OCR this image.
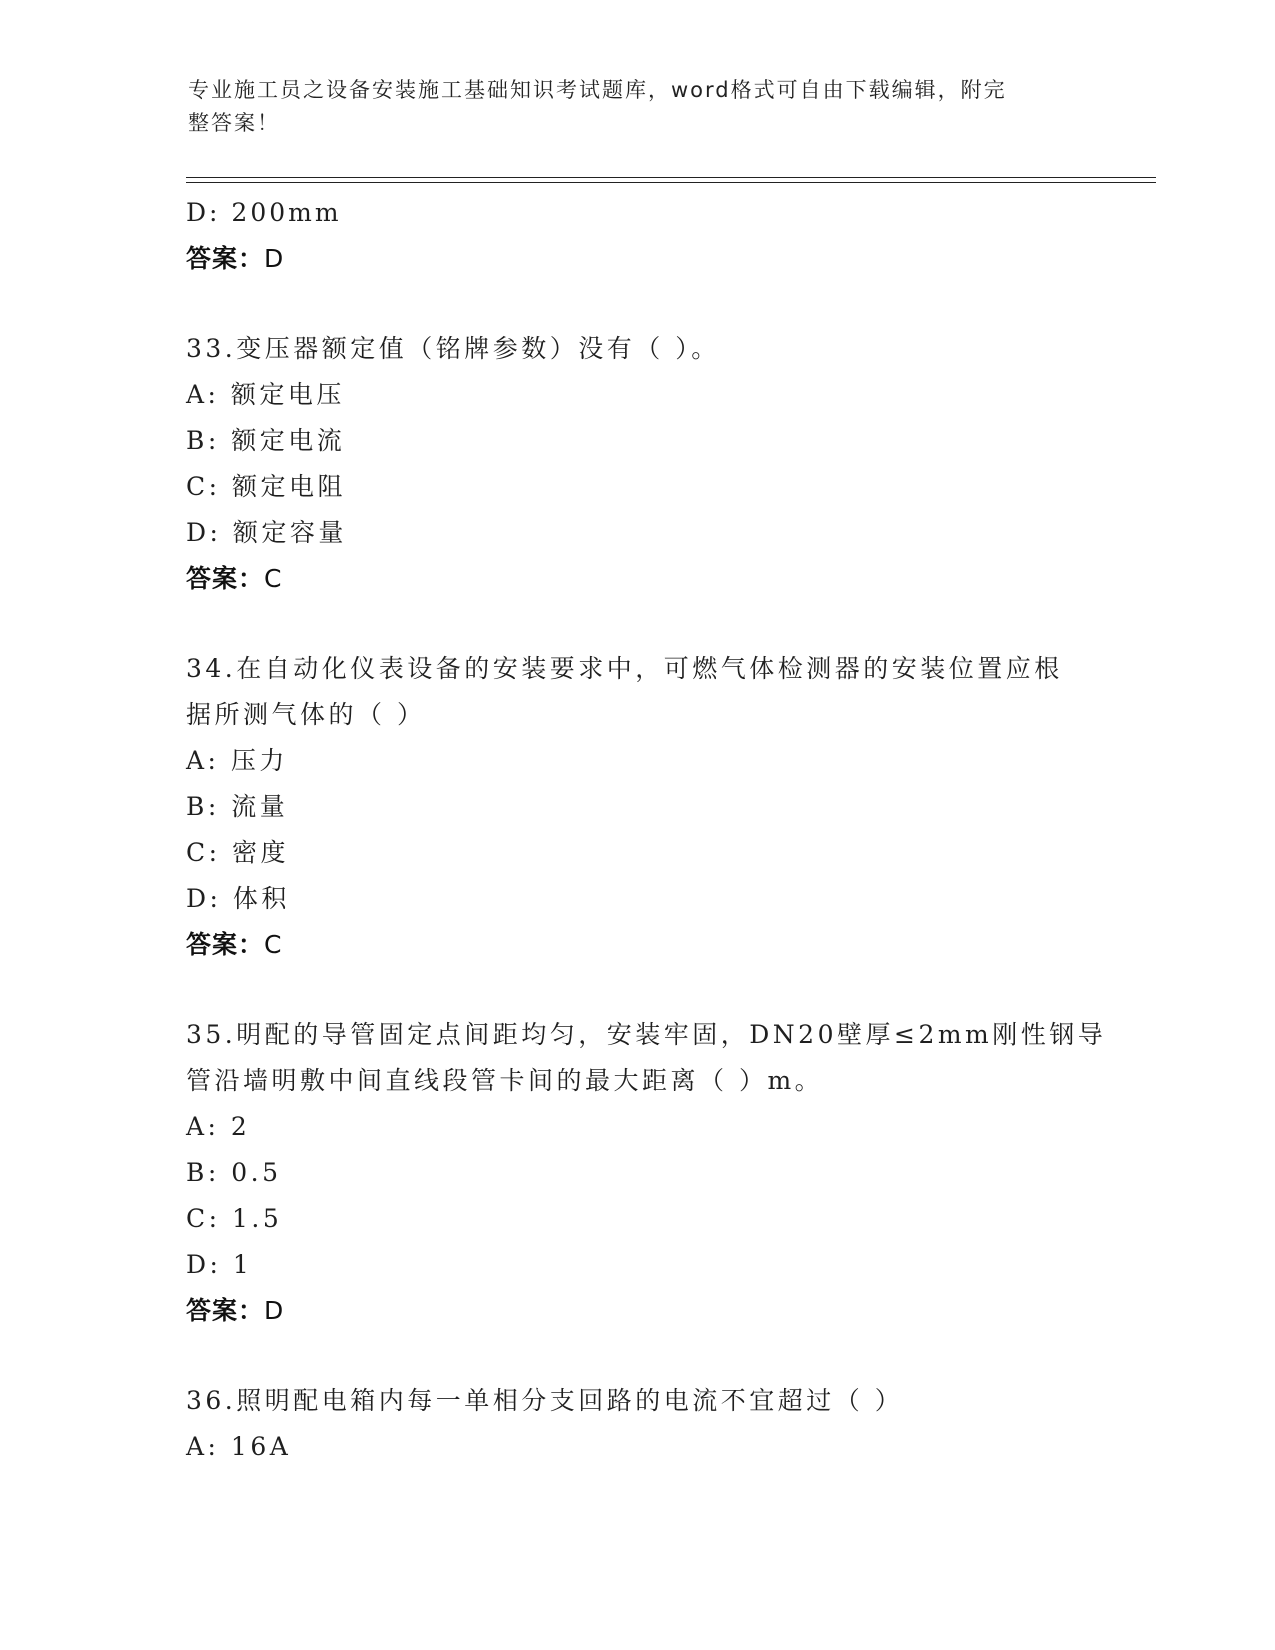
专业施工员之设备安装施工基础知识考试题库，word格式可自由下载编辑，附完
整答案！
D: 200mm
答案：D
33.变压器额定值（铭牌参数）没有（ ）。
A: 额定电压
B: 额定电流
C: 额定电阻
D: 额定容量
答案：C
34.在自动化仪表设备的安装要求中，可燃气体检测器的安装位置应根
据所测气体的（ ）
A: 压力
B: 流量
C: 密度
D: 体积
答案：C
35.明配的导管固定点间距均匀，安装牢固，DN20壁厚≤2mm刚性钢导
管沿墙明敷中间直线段管卡间的最大距离（ ）m。
A: 2
B: 0.5
C: 1.5
D: 1
答案：D
36.照明配电箱内每一单相分支回路的电流不宜超过（ ）
A: 16A
